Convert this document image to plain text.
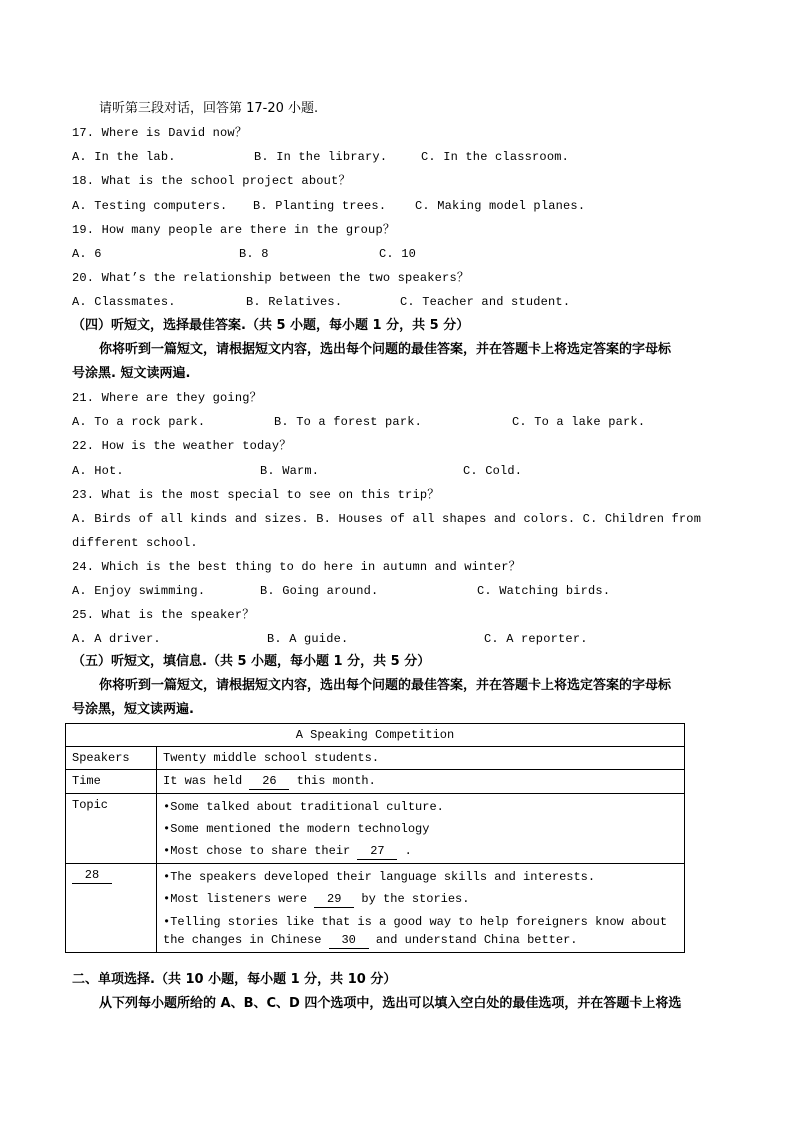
请听第三段对话，回答第 17-20 小题.
17. Where is David now？
A. In the lab.	B. In the library.	C. In the classroom.
18. What is the school project about？
A. Testing computers. B. Planting trees. C. Making model planes.
19. How many people are there in the group？
A. 6	B. 8	C. 10
20. What’s the relationship between the two speakers？
A. Classmates.	B. Relatives.	C. Teacher and student.
（四）听短文，选择最佳答案.（共 5 小题，每小题 1 分，共 5 分）
你将听到一篇短文，请根据短文内容，选出每个问题的最佳答案，并在答题卡上将选定答案的字母标
号涂黑. 短文读两遍.
21. Where are they going？
A. To a rock park.	B. To a forest park.	C. To a lake park.
22. How is the weather today？
A. Hot.	B. Warm.	C. Cold.
23. What is the most special to see on this trip？
A. Birds of all kinds and sizes. B. Houses of all shapes and colors. C. Children from
different school.
24. Which is the best thing to do here in autumn and winter？
A. Enjoy swimming.	B. Going around.	C. Watching birds.
25. What is the speaker？
A. A driver.	B. A guide.	C. A reporter.
（五）听短文，填信息.（共 5 小题，每小题 1 分，共 5 分）
你将听到一篇短文，请根据短文内容，选出每个问题的最佳答案，并在答题卡上将选定答案的字母标
号涂黑，短文读两遍.
A Speaking Competition	
Speakers	Twenty middle school students.
Time	It was held 26 this month.
Topic	•Some talked about traditional culture.
•Some mentioned the modern technology
•Most chose to share their 27 .

28	•The speakers developed their language skills and interests.
•Most listeners were 29 by the stories.
•Telling stories like that is a good way to help foreigners know about
the changes in Chinese 30 and understand China better.
二、单项选择.（共 10 小题，每小题 1 分，共 10 分）
从下列每小题所给的 A、B、C、D 四个选项中，选出可以填入空白处的最佳选项，并在答题卡上将选
